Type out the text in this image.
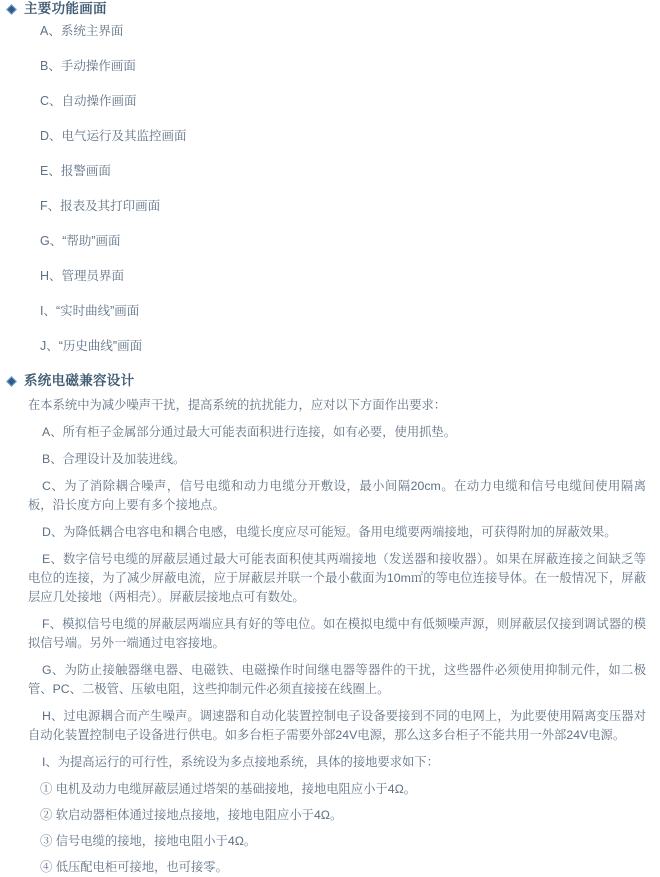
主要功能画面
A、系统主界面
B、手动操作画面
C、自动操作画面
D、电气运行及其监控画面
E、报警画面
F、报表及其打印画面
G、“帮助”画面
H、管理员界面
I、“实时曲线”画面
J、“历史曲线”画面
系统电磁兼容设计

在本系统中为减少噪声干扰，提高系统的抗扰能力，应对以下方面作出要求：

A、所有柜子金属部分通过最大可能表面积进行连接，如有必要，使用抓垫。

B、合理设计及加装进线。

C、为了消除耦合噪声，信号电缆和动力电缆分开敷设，最小间隔20cm。在动力电缆和信号电缆间使用隔离板，沿长度方向上要有多个接地点。

D、为降低耦合电容电和耦合电感，电缆长度应尽可能短。备用电缆要两端接地，可获得附加的屏蔽效果。

E、数字信号电缆的屏蔽层通过最大可能表面积使其两端接地（发送器和接收器）。如果在屏蔽连接之间缺乏等电位的连接，为了减少屏蔽电流，应于屏蔽层并联一个最小截面为10m㎡的等电位连接导体。在一般情况下，屏蔽层应几处接地（两相壳）。屏蔽层接地点可有数处。

F、模拟信号电缆的屏蔽层两端应具有好的等电位。如在模拟电缆中有低频噪声源，则屏蔽层仅接到调试器的模拟信号端。另外一端通过电容接地。

G、为防止接触器继电器、电磁铁、电磁操作时间继电器等器件的干扰，这些器件必须使用抑制元件，如二极管、PC、二极管、压敏电阻，这些抑制元件必须直接接在线圈上。

H、过电源耦合而产生噪声。调速器和自动化装置控制电子设备要接到不同的电网上，为此要使用隔离变压器对自动化装置控制电子设备进行供电。如多台柜子需要外部24V电源，那么这多台柜子不能共用一外部24V电源。

I、为提高运行的可行性，系统设为多点接地系统，具体的接地要求如下：

① 电机及动力电缆屏蔽层通过塔架的基础接地，接地电阻应小于4Ω。

② 软启动器柜体通过接地点接地，接地电阻应小于4Ω。

③ 信号电缆的接地，接地电阻小于4Ω。

④ 低压配电柜可接地，也可接零。
